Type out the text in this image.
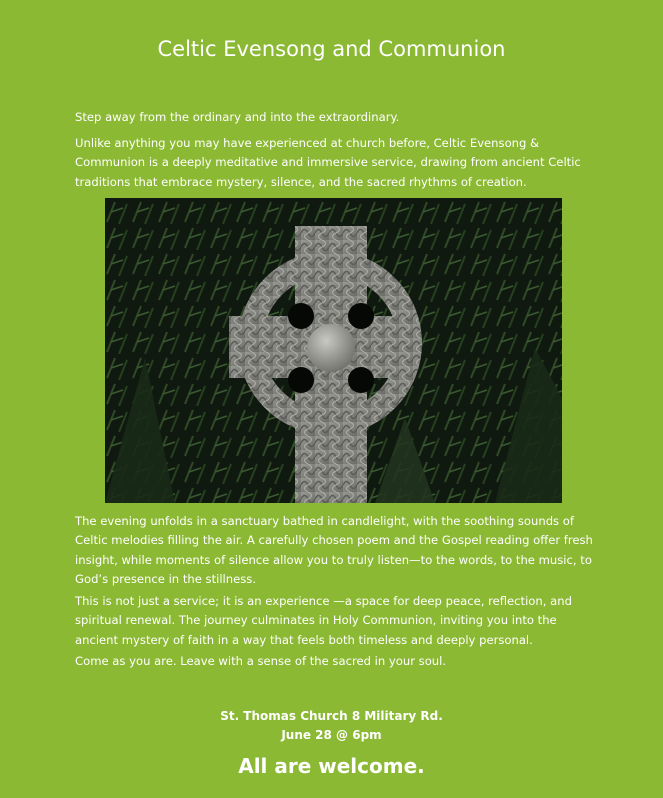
Celtic Evensong and Communion

Step away from the ordinary and into the extraordinary.

Unlike anything you may have experienced at church before, Celtic Evensong & Communion is a deeply meditative and immersive service, drawing from ancient Celtic traditions that embrace mystery, silence, and the sacred rhythms of creation.

The evening unfolds in a sanctuary bathed in candlelight, with the soothing sounds of Celtic melodies filling the air. A carefully chosen poem and the Gospel reading offer fresh insight, while moments of silence allow you to truly listen—to the words, to the music, to God’s presence in the stillness.

This is not just a service; it is an experience —a space for deep peace, reflection, and spiritual renewal. The journey culminates in Holy Communion, inviting you into the ancient mystery of faith in a way that feels both timeless and deeply personal.

Come as you are. Leave with a sense of the sacred in your soul.

St. Thomas Church 8 Military Rd.

June 28 @ 6pm

All are welcome.
